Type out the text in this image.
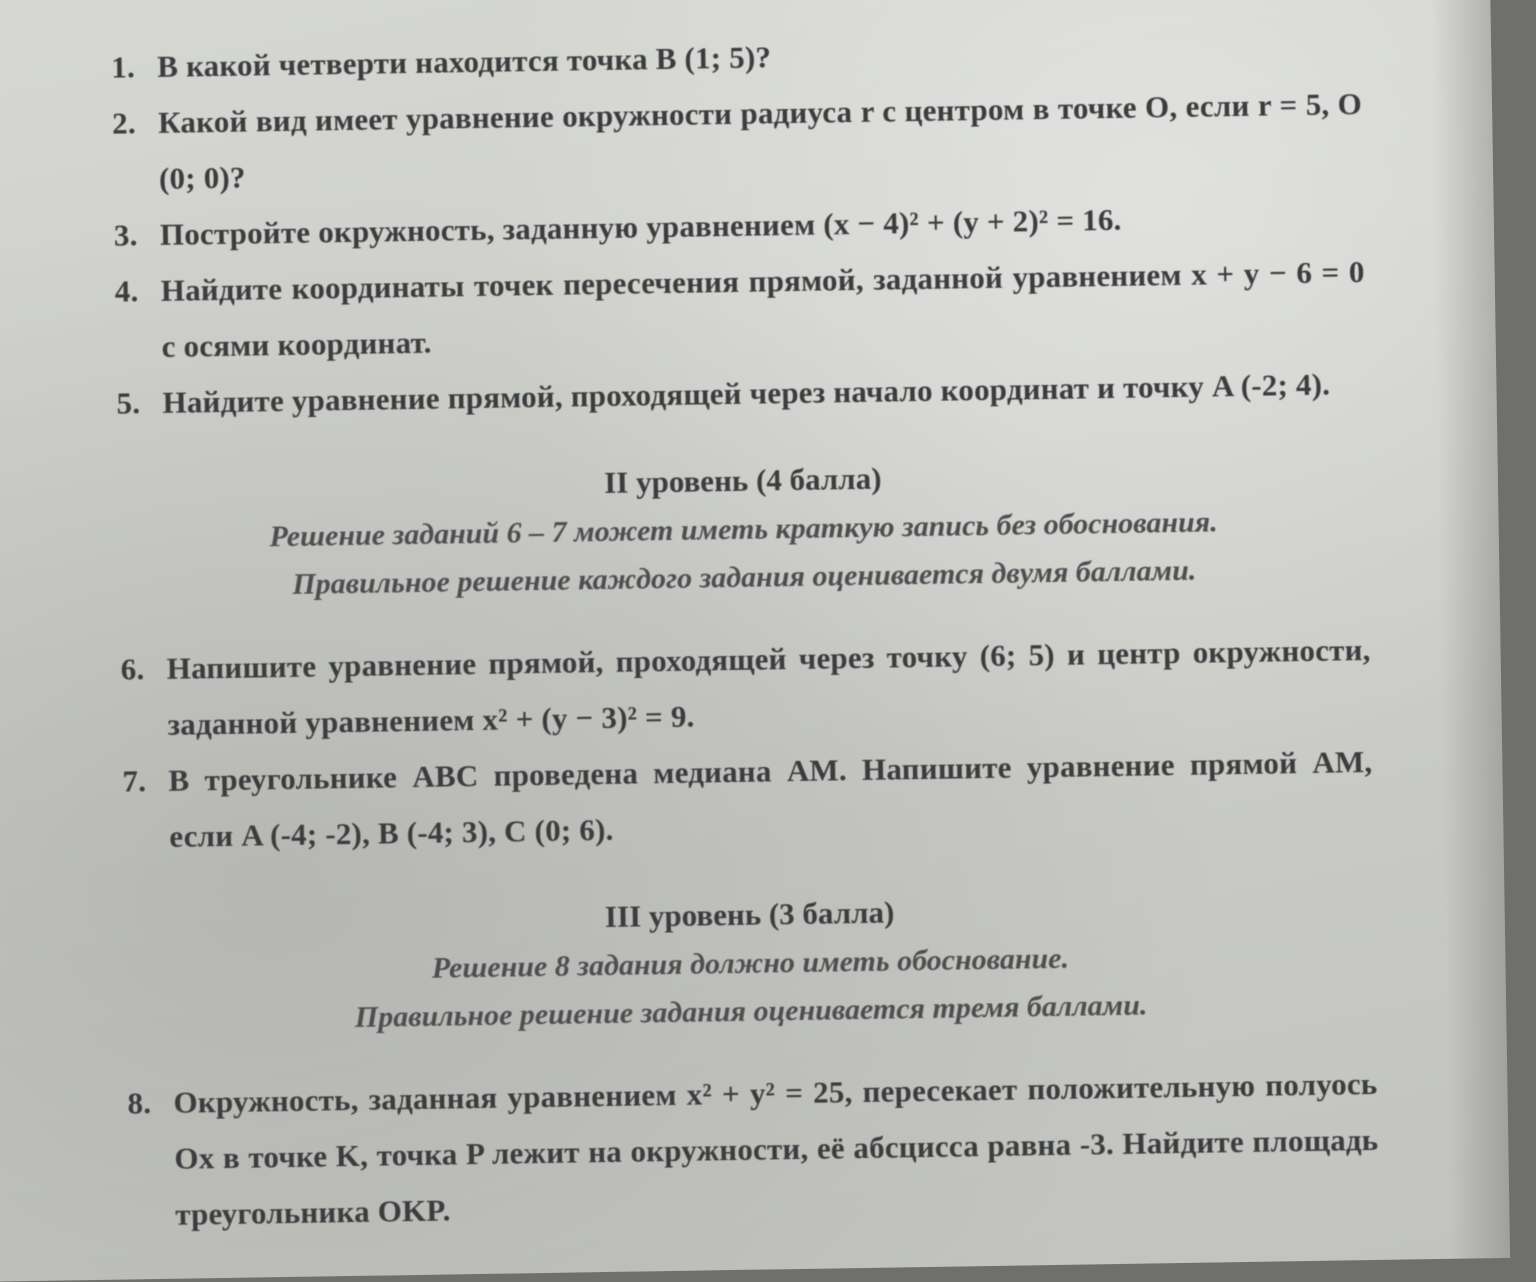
1. В какой четверти находится точка B (1; 5)?
2. Какой вид имеет уравнение окружности радиуса r с центром в точке O, если r = 5, O (0; 0)?
3. Постройте окружность, заданную уравнением (x − 4)² + (y + 2)² = 16.
4. Найдите координаты точек пересечения прямой, заданной уравнением x + y − 6 = 0 с осями координат.
5. Найдите уравнение прямой, проходящей через начало координат и точку A (-2; 4).
II уровень (4 балла)
Решение заданий 6 – 7 может иметь краткую запись без обоснования.
Правильное решение каждого задания оценивается двумя баллами.
6. Напишите уравнение прямой, проходящей через точку (6; 5) и центр окружности, заданной уравнением x² + (y − 3)² = 9.
7. В треугольнике ABC проведена медиана AM. Напишите уравнение прямой AM, если A (-4; -2), B (-4; 3), C (0; 6).
III уровень (3 балла)
Решение 8 задания должно иметь обоснование.
Правильное решение задания оценивается тремя баллами.
8. Окружность, заданная уравнением x² + y² = 25, пересекает положительную полуось Ox в точке K, точка P лежит на окружности, её абсцисса равна -3. Найдите площадь треугольника OKP.
